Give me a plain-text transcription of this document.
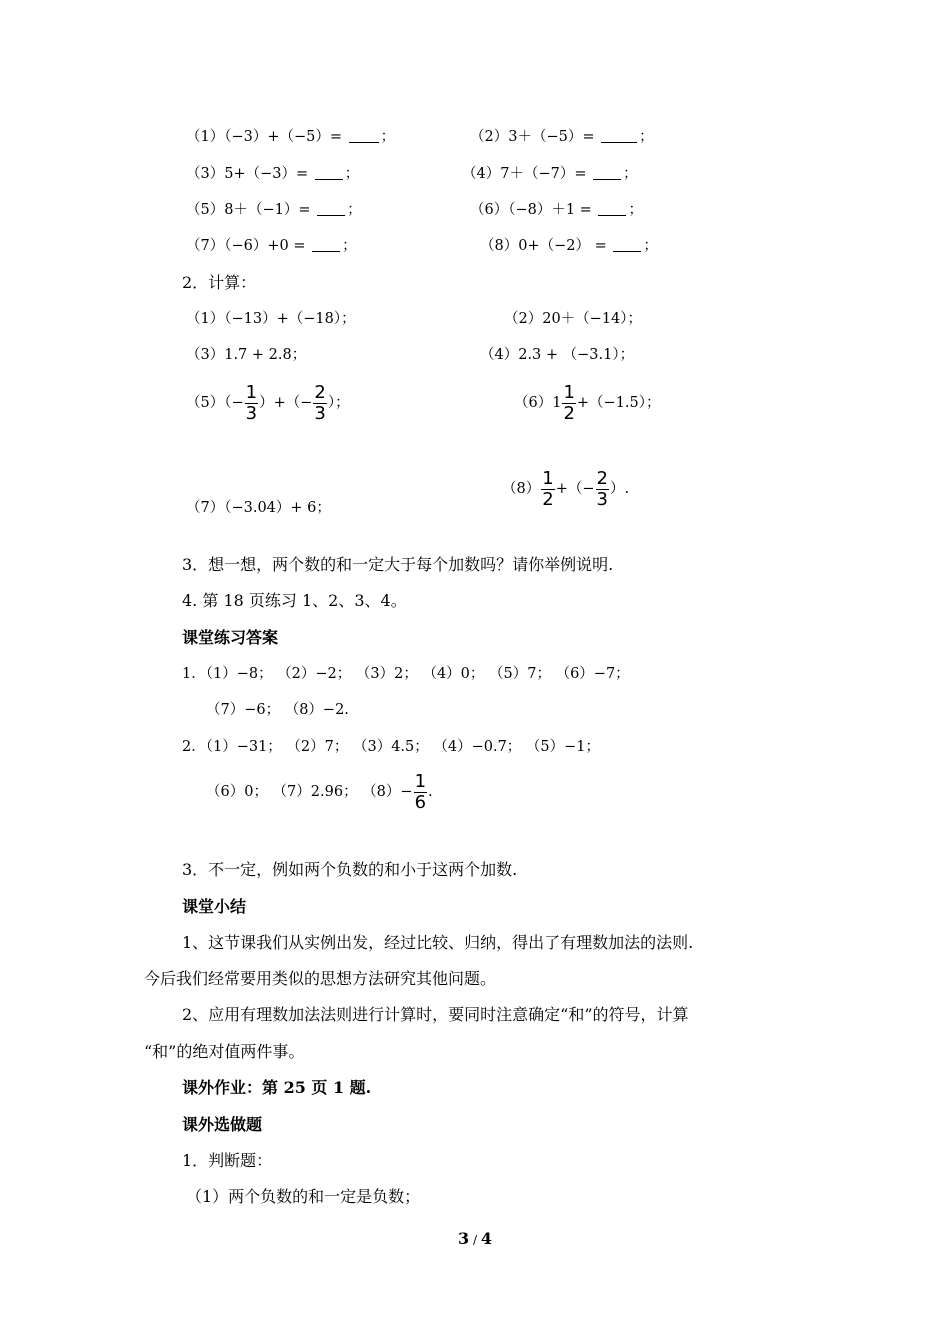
（1）（−3）+（−5）= ；	（2）3＋（−5）=	；
（3）5+（−3）= ；	（4）7＋（−7）= ；
（5）8＋（−1）= ；	（6）（−8）＋1 = ；
（7）（−6）+0 = ；	（8）0+（−2） = ；
2．计算：
（1）（−13）+（−18）；	（2）20＋（−14）；
（3）1.7 + 2.8；	（4）2.3 + （−3.1）；
$(5)(- \frac{1}{3}$ ）+（− $\frac{2}{3}$ ）；	$(6)1 \frac{1}{2} +(-1.5)$；
（7）（−3.04）+ 6；
$(8) \frac{1}{2}$ +（− $\frac{2}{3}$ ）.
3．想一想，两个数的和一定大于每个加数吗？请你举例说明.
4. 第 18 页练习 1、2、3、4。
课堂练习答案
1．（1）−8； （2）−2； （3）2； （4）0； （5）7； （6）−7；
（7）−6； （8）−2.
2．（1）−31； （2）7； （3）4.5； （4）−0.7； （5）−1；
（6）0； （7）2.96； $(8)- \frac{1}{6}$ .
3．不一定，例如两个负数的和小于这两个加数.
课堂小结
1、这节课我们从实例出发，经过比较、归纳，得出了有理数加法的法则.
今后我们经常要用类似的思想方法研究其他问题。
2、应用有理数加法法则进行计算时，要同时注意确定“和”的符号，计算
“和”的绝对值两件事。
课外作业：第 25 页 1 题.
课外选做题
1．判断题：
（1）两个负数的和一定是负数；
3 / 4
